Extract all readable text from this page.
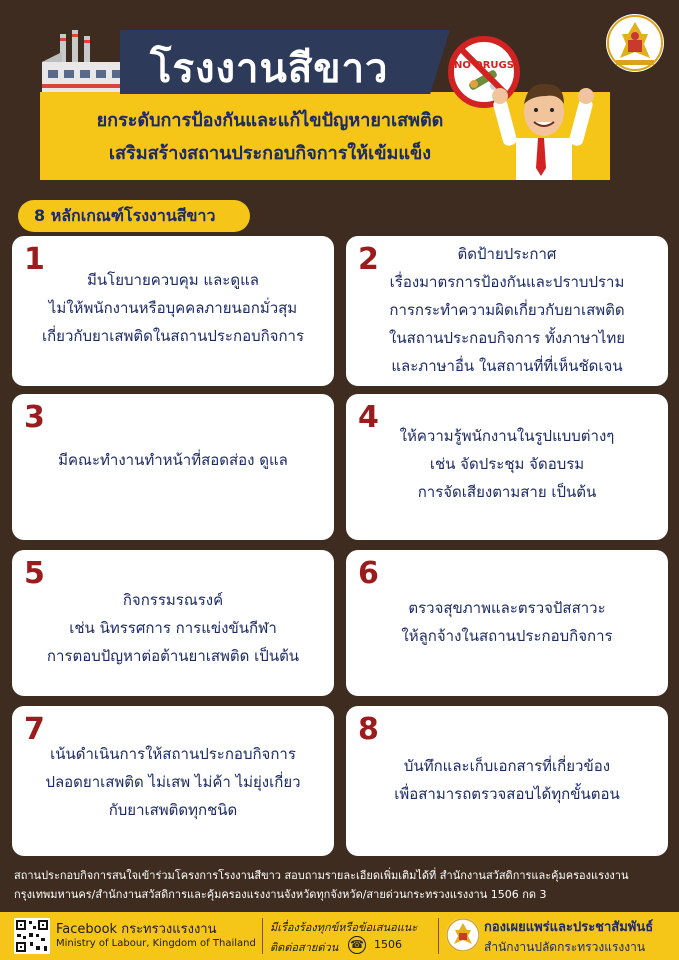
โรงงานสีขาว
ยกระดับการป้องกันและแก้ไขปัญหายาเสพติด
เสริมสร้างสถานประกอบกิจการให้เข้มแข็ง
NO DRUGS
8 หลักเกณฑ์โรงงานสีขาว
1
มีนโยบายควบคุม และดูแล
ไม่ให้พนักงานหรือบุคคลภายนอกมั่วสุม
เกี่ยวกับยาเสพติดในสถานประกอบกิจการ
2	ติดป้ายประกาศ
เรื่องมาตรการป้องกันและปราบปราม
การกระทำความผิดเกี่ยวกับยาเสพติด
ในสถานประกอบกิจการ ทั้งภาษาไทย
และภาษาอื่น ในสถานที่ที่เห็นชัดเจน
3
มีคณะทำงานทำหน้าที่สอดส่อง ดูแล
4
ให้ความรู้พนักงานในรูปแบบต่างๆ
เช่น จัดประชุม จัดอบรม
การจัดเสียงตามสาย เป็นต้น
5
กิจกรรมรณรงค์
เช่น นิทรรศการ การแข่งขันกีฬา
การตอบปัญหาต่อต้านยาเสพติด เป็นต้น
6
ตรวจสุขภาพและตรวจปัสสาวะ
ให้ลูกจ้างในสถานประกอบกิจการ
7
เน้นดำเนินการให้สถานประกอบกิจการ
ปลอดยาเสพติด ไม่เสพ ไม่ค้า ไม่ยุ่งเกี่ยว
กับยาเสพติดทุกชนิด
8
บันทึกและเก็บเอกสารที่เกี่ยวข้อง
เพื่อสามารถตรวจสอบได้ทุกขั้นตอน
สถานประกอบกิจการสนใจเข้าร่วมโครงการโรงงานสีขาว สอบถามรายละเอียดเพิ่มเติมได้ที่ สำนักงานสวัสดิการและคุ้มครองแรงงานกรุงเทพมหานคร/สำนักงานสวัสดิการและคุ้มครองแรงงานจังหวัดทุกจังหวัด/สายด่วนกระทรวงแรงงาน 1506 กด 3
Facebook กระทรวงแรงงาน
Ministry of Labour, Kingdom of Thailand
มีเรื่องร้องทุกข์หรือข้อเสนอแนะ
ติดต่อสายด่วน ☎ 1506
กองเผยแพร่และประชาสัมพันธ์
สำนักงานปลัดกระทรวงแรงงาน
